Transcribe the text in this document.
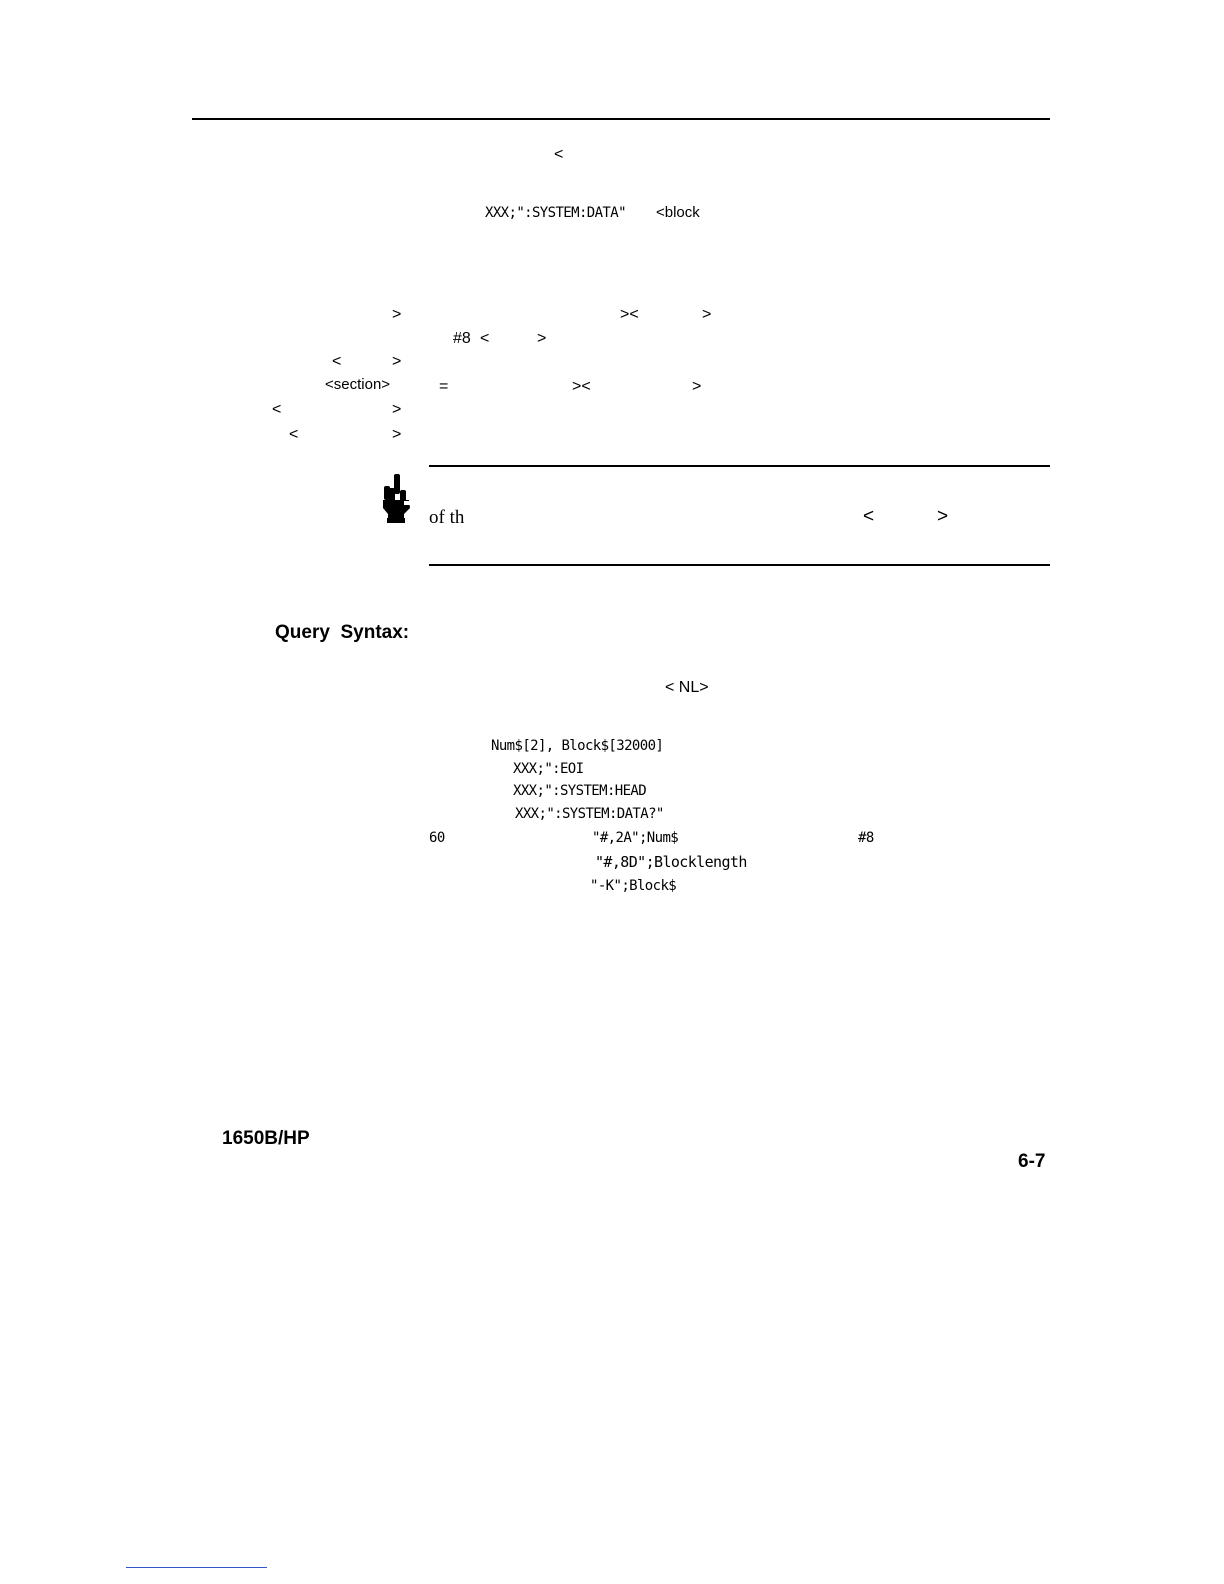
<
XXX;":SYSTEM:DATA" <block
>	><	>
#8 <	>
<	>
<section>	=	><	>
<	>
<	>
of th	<	>
Query  Syntax:
< NL>
Num$[2], Block$[32000]
XXX;":EOI
XXX;":SYSTEM:HEAD
XXX;":SYSTEM:DATA?"
60	"#,2A";Num$	#8
"#,8D";Blocklength
"-K";Block$
1650B/HP
6-7
